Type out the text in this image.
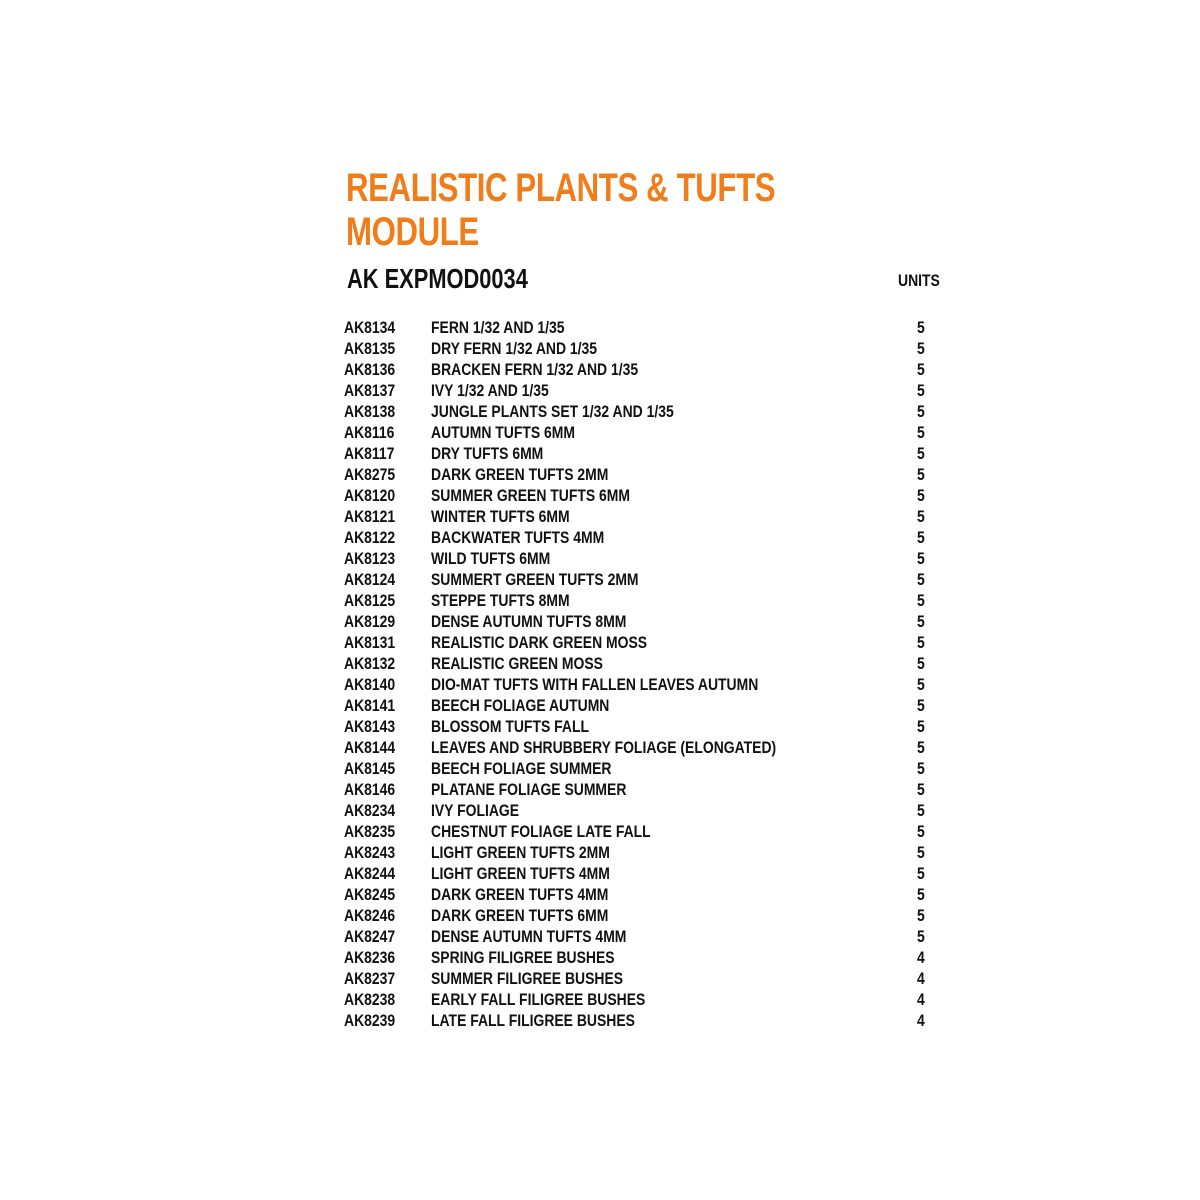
REALISTIC PLANTS & TUFTS
MODULE
AK EXPMOD0034	UNITS
AK8134 FERN 1/32 AND 1/35	5
AK8135 DRY FERN 1/32 AND 1/35	5
AK8136 BRACKEN FERN 1/32 AND 1/35	5
AK8137 IVY 1/32 AND 1/35	5
AK8138 JUNGLE PLANTS SET 1/32 AND 1/35	5
AK8116 AUTUMN TUFTS 6MM	5
AK8117 DRY TUFTS 6MM	5
AK8275 DARK GREEN TUFTS 2MM	5
AK8120 SUMMER GREEN TUFTS 6MM	5
AK8121 WINTER TUFTS 6MM	5
AK8122 BACKWATER TUFTS 4MM	5
AK8123 WILD TUFTS 6MM	5
AK8124 SUMMERT GREEN TUFTS 2MM	5
AK8125 STEPPE TUFTS 8MM	5
AK8129 DENSE AUTUMN TUFTS 8MM	5
AK8131 REALISTIC DARK GREEN MOSS	5
AK8132 REALISTIC GREEN MOSS	5
AK8140 DIO-MAT TUFTS WITH FALLEN LEAVES AUTUMN	5
AK8141 BEECH FOLIAGE AUTUMN	5
AK8143 BLOSSOM TUFTS FALL	5
AK8144 LEAVES AND SHRUBBERY FOLIAGE (ELONGATED)	5
AK8145 BEECH FOLIAGE SUMMER	5
AK8146 PLATANE FOLIAGE SUMMER	5
AK8234 IVY FOLIAGE	5
AK8235 CHESTNUT FOLIAGE LATE FALL	5
AK8243 LIGHT GREEN TUFTS 2MM	5
AK8244 LIGHT GREEN TUFTS 4MM	5
AK8245 DARK GREEN TUFTS 4MM	5
AK8246 DARK GREEN TUFTS 6MM	5
AK8247 DENSE AUTUMN TUFTS 4MM	5
AK8236 SPRING FILIGREE BUSHES	4
AK8237 SUMMER FILIGREE BUSHES	4
AK8238 EARLY FALL FILIGREE BUSHES	4
AK8239 LATE FALL FILIGREE BUSHES	4
